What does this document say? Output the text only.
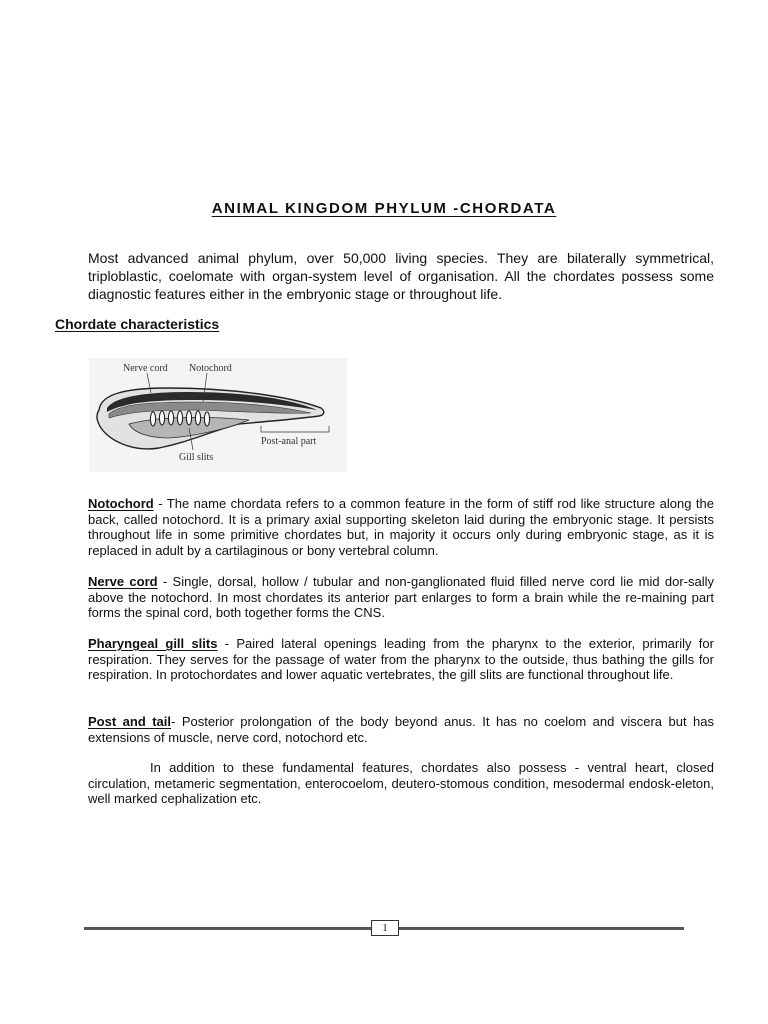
ANIMAL KINGDOM PHYLUM -CHORDATA

Most advanced animal phylum, over 50,000 living species. They are bilaterally symmetrical, triploblastic, coelomate with organ-system level of organisation. All the chordates possess some diagnostic features either in the embryonic stage or throughout life.

Chordate characteristics
Nerve cord Notochord
Post-anal part
Gill slits

Notochord - The name chordata refers to a common feature in the form of stiff rod like structure along the back, called notochord. It is a primary axial supporting skeleton laid during the embryonic stage. It persists throughout life in some primitive chordates but, in majority it occurs only during embryonic stage, as it is replaced in adult by a cartilaginous or bony vertebral column.

Nerve cord - Single, dorsal, hollow / tubular and non-ganglionated fluid filled nerve cord lie mid dor-sally above the notochord. In most chordates its anterior part enlarges to form a brain while the re-maining part forms the spinal cord, both together forms the CNS.

Pharyngeal gill slits - Paired lateral openings leading from the pharynx to the exterior, primarily for respiration. They serves for the passage of water from the pharynx to the outside, thus bathing the gills for respiration. In protochordates and lower aquatic vertebrates, the gill slits are functional throughout life.

Post and tail- Posterior prolongation of the body beyond anus. It has no coelom and viscera but has extensions of muscle, nerve cord, notochord etc.

In addition to these fundamental features, chordates also possess - ventral heart, closed circulation, metameric segmentation, enterocoelom, deutero-stomous condition, mesodermal endosk-eleton, well marked cephalization etc.

1
